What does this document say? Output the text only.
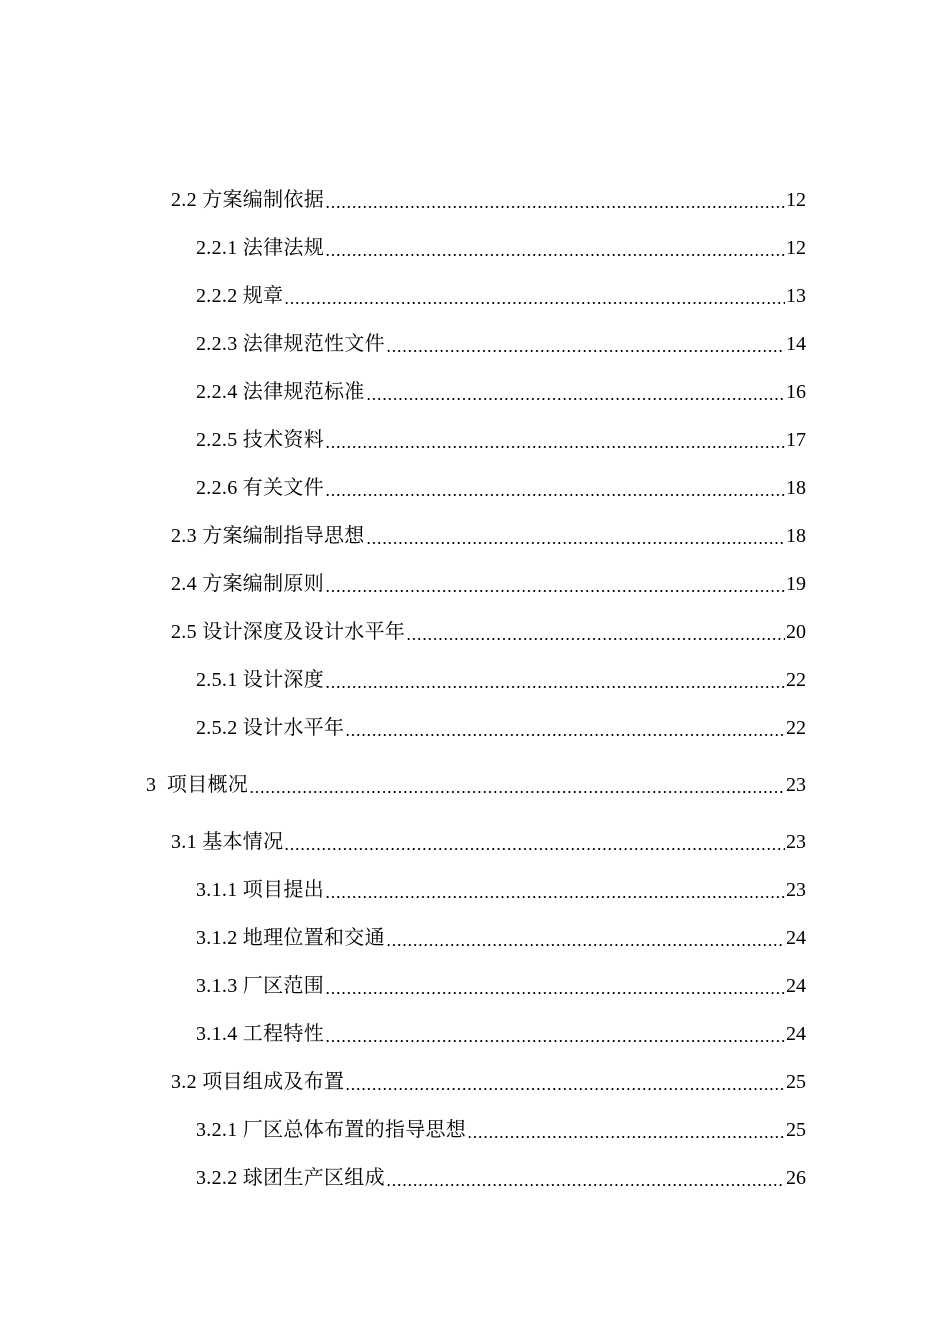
2.2 方案编制依据	12
2.2.1 法律法规	12
2.2.2 规章	13
2.2.3 法律规范性文件	14
2.2.4 法律规范标准	16
2.2.5 技术资料	17
2.2.6 有关文件	18
2.3 方案编制指导思想	18
2.4 方案编制原则	19
2.5 设计深度及设计水平年	20
2.5.1 设计深度	22
2.5.2 设计水平年	22
3  项目概况	23
3.1 基本情况	23
3.1.1 项目提出	23
3.1.2 地理位置和交通	24
3.1.3 厂区范围	24
3.1.4 工程特性	24
3.2 项目组成及布置	25
3.2.1 厂区总体布置的指导思想	25
3.2.2 球团生产区组成	26
